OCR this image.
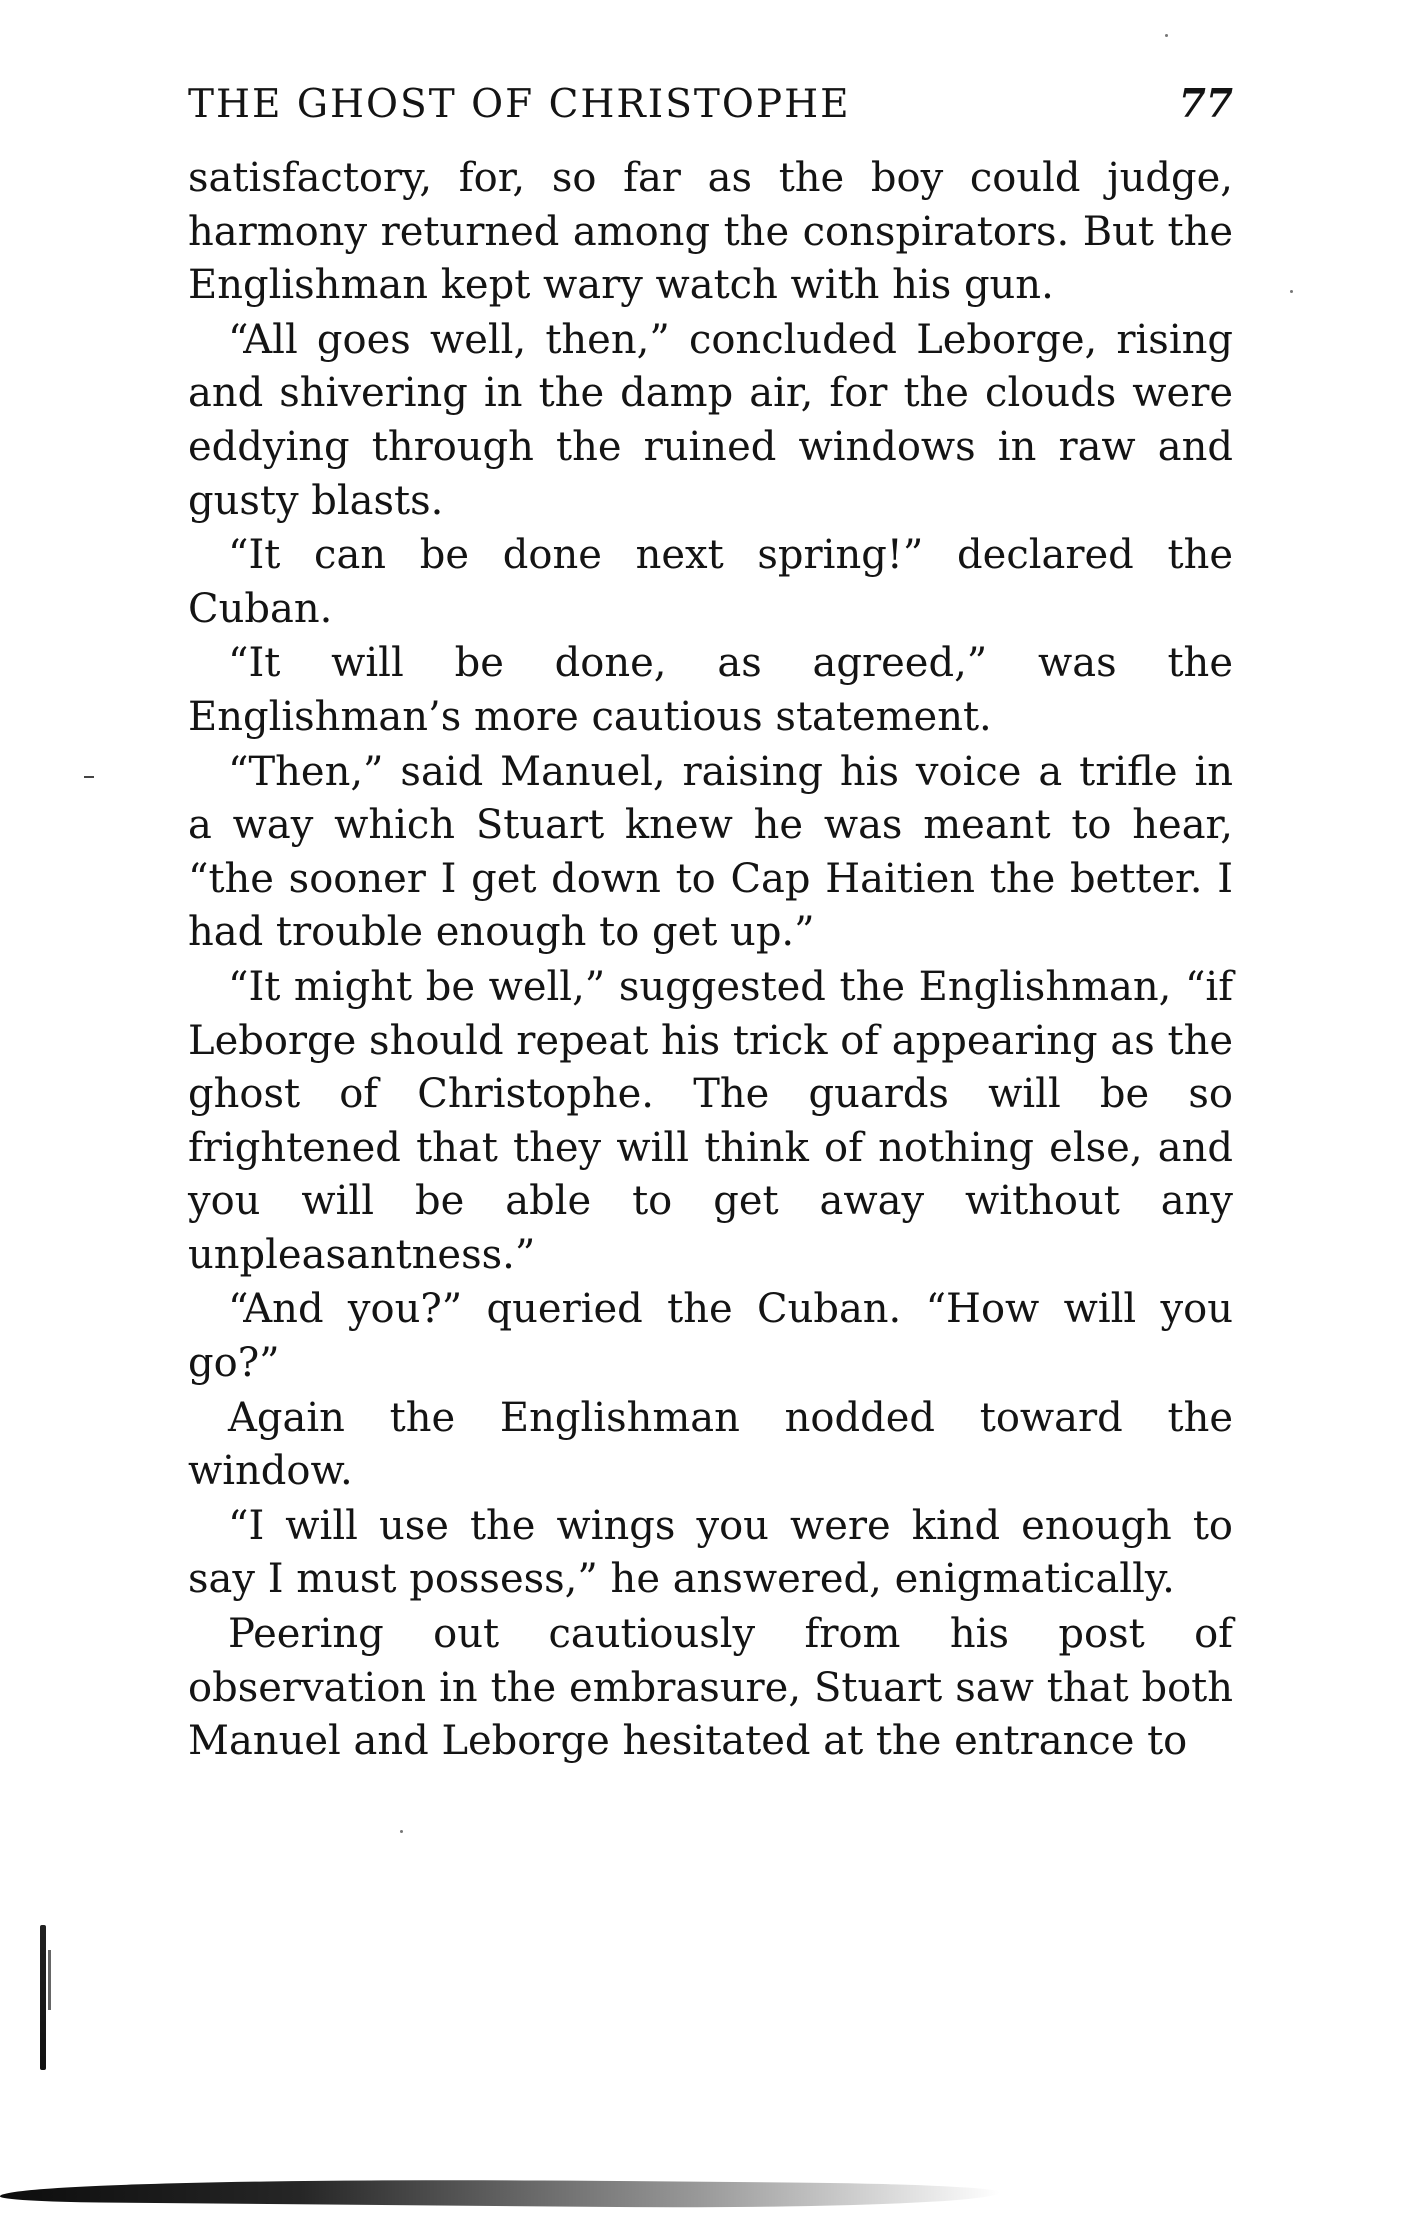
THE GHOST OF CHRISTOPHE	77

satisfactory, for, so far as the boy could judge, harmony returned among the conspirators. But the Englishman kept wary watch with his gun.

“All goes well, then,” concluded Leborge, rising and shivering in the damp air, for the clouds were eddying through the ruined windows in raw and gusty blasts.

“It can be done next spring!” declared the Cuban.

“It will be done, as agreed,” was the Englishman’s more cautious statement.

“Then,” said Manuel, raising his voice a trifle in a way which Stuart knew he was meant to hear, “the sooner I get down to Cap Haitien the better. I had trouble enough to get up.”

“It might be well,” suggested the Englishman, “if Leborge should repeat his trick of appearing as the ghost of Christophe. The guards will be so frightened that they will think of nothing else, and you will be able to get away without any unpleasantness.”

“And you?” queried the Cuban. “How will you go?”

Again the Englishman nodded toward the window.

“I will use the wings you were kind enough to say I must possess,” he answered, enigmatically.

Peering out cautiously from his post of observation in the embrasure, Stuart saw that both Manuel and Leborge hesitated at the entrance to
